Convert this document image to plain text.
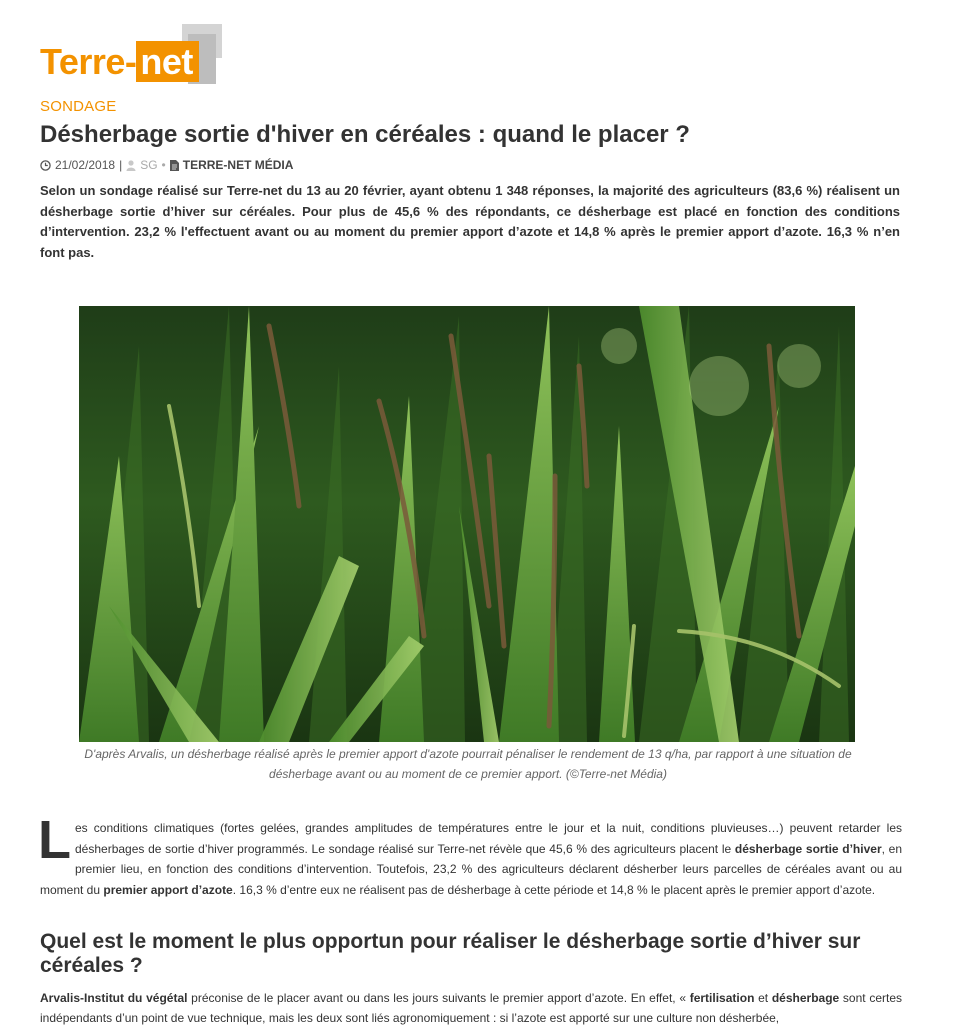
Terre- net
SONDAGE
Désherbage sortie d'hiver en céréales : quand le placer ?
21/02/2018 | SG • TERRE-NET MÉDIA

Selon un sondage réalisé sur Terre-net du 13 au 20 février, ayant obtenu 1 348 réponses, la majorité des agriculteurs (83,6 %) réalisent un désherbage sortie d’hiver sur céréales. Pour plus de 45,6 % des répondants, ce désherbage est placé en fonction des conditions d’intervention. 23,2 % l'effectuent avant ou au moment du premier apport d’azote et 14,8 % après le premier apport d’azote. 16,3 % n’en font pas.

D'après Arvalis, un désherbage réalisé après le premier apport d'azote pourrait pénaliser le rendement de 13 q/ha, par rapport à une situation de désherbage avant ou au moment de ce premier apport. (©Terre-net Média)

Les conditions climatiques (fortes gelées, grandes amplitudes de températures entre le jour et la nuit, conditions pluvieuses…) peuvent retarder les désherbages de sortie d’hiver programmés. Le sondage réalisé sur Terre-net révèle que 45,6 % des agriculteurs placent le désherbage sortie d’hiver, en premier lieu, en fonction des conditions d’intervention. Toutefois, 23,2 % des agriculteurs déclarent désherber leurs parcelles de céréales avant ou au moment du premier apport d’azote. 16,3 % d’entre eux ne réalisent pas de désherbage à cette période et 14,8 % le placent après le premier apport d’azote.

Quel est le moment le plus opportun pour réaliser le désherbage sortie d’hiver sur céréales ?

Arvalis-Institut du végétal préconise de le placer avant ou dans les jours suivants le premier apport d’azote. En effet, « fertilisation et désherbage sont certes indépendants d’un point de vue technique, mais les deux sont liés agronomiquement : si l’azote est apporté sur une culture non désherbée,
